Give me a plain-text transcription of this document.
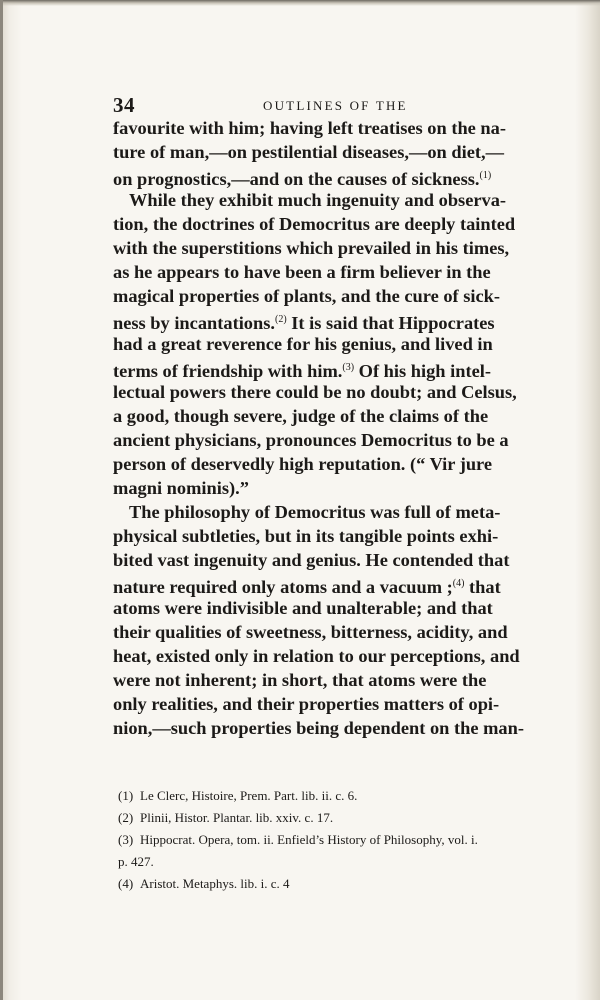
34	OUTLINES OF THE
favourite with him; having left treatises on the na-
ture of man,—on pestilential diseases,—on diet,—
on prognostics,—and on the causes of sickness.$^{(1)}$
While they exhibit much ingenuity and observa-
tion, the doctrines of Democritus are deeply tainted
with the superstitions which prevailed in his times,
as he appears to have been a firm believer in the
magical properties of plants, and the cure of sick-
ness by incantations.$^{(2)}$ It is said that Hippocrates
had a great reverence for his genius, and lived in
terms of friendship with him.$^{(3)}$ Of his high intel-
lectual powers there could be no doubt; and Celsus,
a good, though severe, judge of the claims of the
ancient physicians, pronounces Democritus to be a
person of deservedly high reputation. (“ Vir jure
magni nominis).”
The philosophy of Democritus was full of meta-
physical subtleties, but in its tangible points exhi-
bited vast ingenuity and genius. He contended that
nature required only atoms and a vacuum ;$^{(4)}$ that
atoms were indivisible and unalterable; and that
their qualities of sweetness, bitterness, acidity, and
heat, existed only in relation to our perceptions, and
were not inherent; in short, that atoms were the
only realities, and their properties matters of opi-
nion,—such properties being dependent on the man-
(1) Le Clerc, Histoire, Prem. Part. lib. ii. c. 6.
(2) Plinii, Histor. Plantar. lib. xxiv. c. 17.
(3) Hippocrat. Opera, tom. ii. Enfield’s History of Philosophy, vol. i.
p. 427.
(4) Aristot. Metaphys. lib. i. c. 4
